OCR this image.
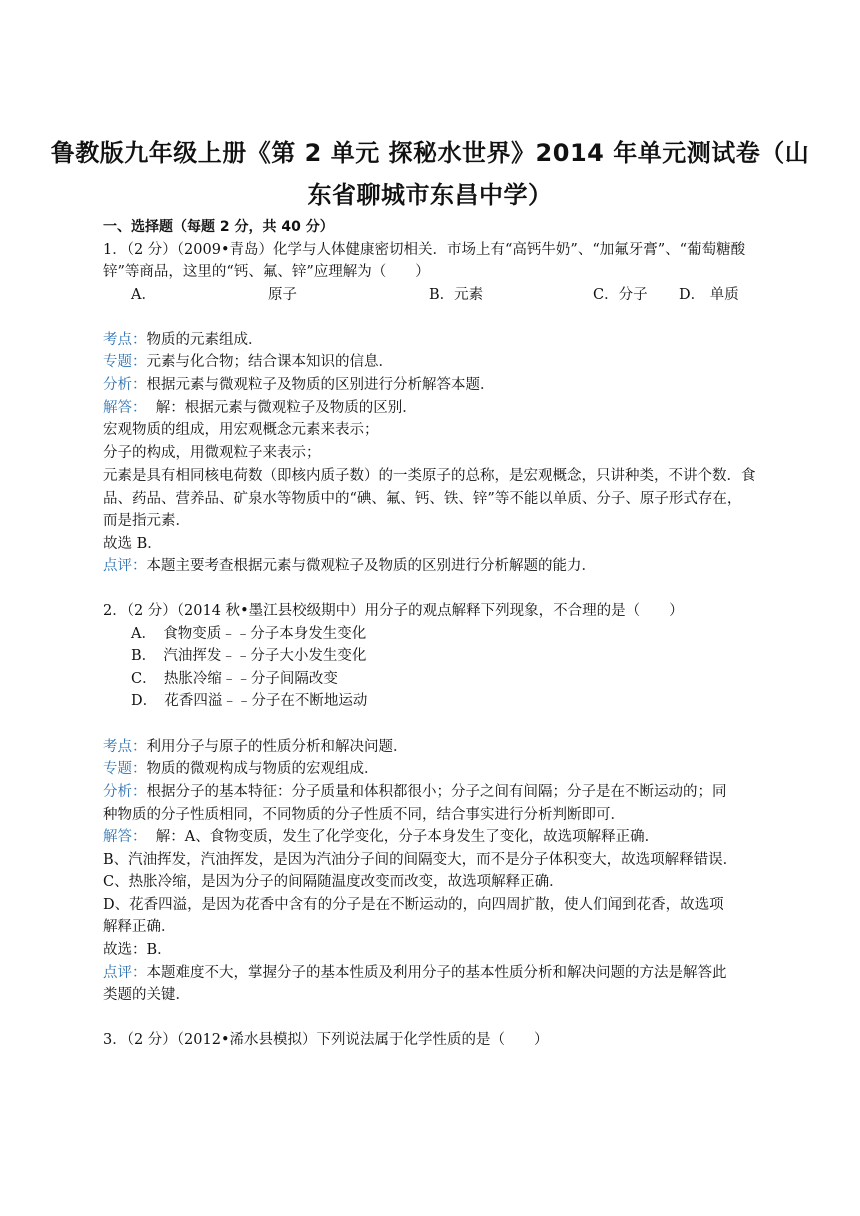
鲁教版九年级上册《第 2 单元 探秘水世界》2014 年单元测试卷（山
东省聊城市东昌中学）
一、选择题（每题 2 分，共 40 分）
1．（2 分）（2009•青岛）化学与人体健康密切相关．市场上有“高钙牛奶”、“加氟牙膏”、“葡萄糖酸
锌”等商品，这里的“钙、氟、锌”应理解为（　　）
A．	原子	B．元素	C．分子 D． 单质
考点：物质的元素组成．
专题：元素与化合物；结合课本知识的信息．
分析：根据元素与微观粒子及物质的区别进行分析解答本题．
解答：  解：根据元素与微观粒子及物质的区别．
宏观物质的组成，用宏观概念元素来表示；
分子的构成，用微观粒子来表示；
元素是具有相同核电荷数（即核内质子数）的一类原子的总称，是宏观概念，只讲种类，不讲个数．食
品、药品、营养品、矿泉水等物质中的“碘、氟、钙、铁、锌”等不能以单质、分子、原子形式存在，
而是指元素．
故选 B．
点评：本题主要考查根据元素与微观粒子及物质的区别进行分析解题的能力．
2．（2 分）（2014 秋•墨江县校级期中）用分子的观点解释下列现象，不合理的是（　　）
A．　食物变质﹣﹣分子本身发生变化
B．　汽油挥发﹣﹣分子大小发生变化
C．　热胀冷缩﹣﹣分子间隔改变
D．　花香四溢﹣﹣分子在不断地运动
考点：利用分子与原子的性质分析和解决问题．
专题：物质的微观构成与物质的宏观组成．
分析：根据分子的基本特征：分子质量和体积都很小；分子之间有间隔；分子是在不断运动的；同
种物质的分子性质相同，不同物质的分子性质不同，结合事实进行分析判断即可．
解答：  解：A、食物变质，发生了化学变化，分子本身发生了变化，故选项解释正确．
B、汽油挥发，汽油挥发，是因为汽油分子间的间隔变大，而不是分子体积变大，故选项解释错误．
C、热胀冷缩，是因为分子的间隔随温度改变而改变，故选项解释正确．
D、花香四溢，是因为花香中含有的分子是在不断运动的，向四周扩散，使人们闻到花香，故选项
解释正确．
故选：B．
点评：本题难度不大，掌握分子的基本性质及利用分子的基本性质分析和解决问题的方法是解答此
类题的关键．
3．（2 分）（2012•浠水县模拟）下列说法属于化学性质的是（　　）
